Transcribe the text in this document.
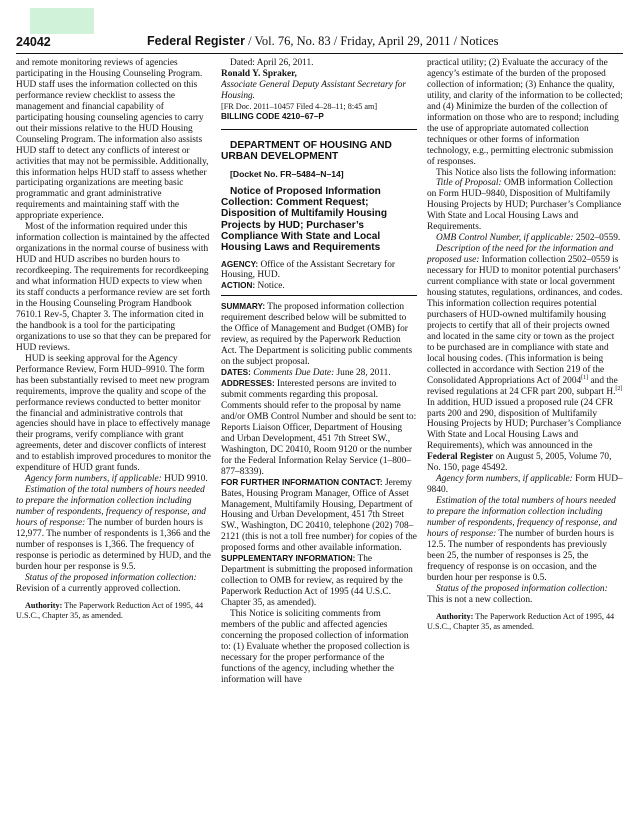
24042	Federal Register / Vol. 76, No. 83 / Friday, April 29, 2011 / Notices

and remote monitoring reviews of agencies participating in the Housing Counseling Program. HUD staff uses the information collected on this performance review checklist to assess the management and financial capability of participating housing counseling agencies to carry out their missions relative to the HUD Housing Counseling Program. The information also assists HUD staff to detect any conflicts of interest or activities that may not be permissible. Additionally, this information helps HUD staff to assess whether participating organizations are meeting basic programmatic and grant administrative requirements and maintaining staff with the appropriate experience.

Most of the information required under this information collection is maintained by the affected organizations in the normal course of business with HUD and HUD ascribes no burden hours to recordkeeping. The requirements for recordkeeping and what information HUD expects to view when its staff conducts a performance review are set forth in the Housing Counseling Program Handbook 7610.1 Rev-5, Chapter 3. The information cited in the handbook is a tool for the participating organizations to use so that they can be prepared for HUD reviews.

HUD is seeking approval for the Agency Performance Review, Form HUD–9910. The form has been substantially revised to meet new program requirements, improve the quality and scope of the performance reviews conducted to better monitor the financial and administrative controls that agencies should have in place to effectively manage their programs, verify compliance with grant agreements, deter and discover conflicts of interest and to establish improved procedures to monitor the expenditure of HUD grant funds.

Agency form numbers, if applicable: HUD 9910.

Estimation of the total numbers of hours needed to prepare the information collection including number of respondents, frequency of response, and hours of response: The number of burden hours is 12,977. The number of respondents is 1,366 and the number of responses is 1,366. The frequency of response is periodic as determined by HUD, and the burden hour per response is 9.5.

Status of the proposed information collection: Revision of a currently approved collection.

Authority: The Paperwork Reduction Act of 1995, 44 U.S.C., Chapter 35, as amended.

Dated: April 26, 2011.

Ronald Y. Spraker,

Associate General Deputy Assistant Secretary for Housing.

[FR Doc. 2011–10457 Filed 4–28–11; 8:45 am]

BILLING CODE 4210–67–P

DEPARTMENT OF HOUSING AND URBAN DEVELOPMENT

[Docket No. FR–5484–N–14]

Notice of Proposed Information Collection: Comment Request; Disposition of Multifamily Housing Projects by HUD; Purchaser’s Compliance With State and Local Housing Laws and Requirements

AGENCY: Office of the Assistant Secretary for Housing, HUD.

ACTION: Notice.

SUMMARY: The proposed information collection requirement described below will be submitted to the Office of Management and Budget (OMB) for review, as required by the Paperwork Reduction Act. The Department is soliciting public comments on the subject proposal.

DATES: Comments Due Date: June 28, 2011.

ADDRESSES: Interested persons are invited to submit comments regarding this proposal. Comments should refer to the proposal by name and/or OMB Control Number and should be sent to: Reports Liaison Officer, Department of Housing and Urban Development, 451 7th Street SW., Washington, DC 20410, Room 9120 or the number for the Federal Information Relay Service (1–800–877–8339).

FOR FURTHER INFORMATION CONTACT: Jeremy Bates, Housing Program Manager, Office of Asset Management, Multifamily Housing, Department of Housing and Urban Development, 451 7th Street SW., Washington, DC 20410, telephone (202) 708–2121 (this is not a toll free number) for copies of the proposed forms and other available information.

SUPPLEMENTARY INFORMATION: The Department is submitting the proposed information collection to OMB for review, as required by the Paperwork Reduction Act of 1995 (44 U.S.C. Chapter 35, as amended).

This Notice is soliciting comments from members of the public and affected agencies concerning the proposed collection of information to: (1) Evaluate whether the proposed collection is necessary for the proper performance of the functions of the agency, including whether the information will have

practical utility; (2) Evaluate the accuracy of the agency’s estimate of the burden of the proposed collection of information; (3) Enhance the quality, utility, and clarity of the information to be collected; and (4) Minimize the burden of the collection of information on those who are to respond; including the use of appropriate automated collection techniques or other forms of information technology, e.g., permitting electronic submission of responses.

This Notice also lists the following information:

Title of Proposal: OMB information Collection on Form HUD–9840, Disposition of Multifamily Housing Projects by HUD; Purchaser’s Compliance With State and Local Housing Laws and Requirements.

OMB Control Number, if applicable: 2502–0559.

Description of the need for the information and proposed use: Information collection 2502–0559 is necessary for HUD to monitor potential purchasers’ current compliance with state or local government housing statutes, regulations, ordinances, and codes. This information collection requires potential purchasers of HUD-owned multifamily housing projects to certify that all of their projects owned and located in the same city or town as the project to be purchased are in compliance with state and local housing codes. (This information is being collected in accordance with Section 219 of the Consolidated Appropriations Act of 2004[1] and the revised regulations at 24 CFR part 200, subpart H.[2] In addition, HUD issued a proposed rule (24 CFR parts 200 and 290, disposition of Multifamily Housing Projects by HUD; Purchaser’s Compliance With State and Local Housing Laws and Requirements), which was announced in the Federal Register on August 5, 2005, Volume 70, No. 150, page 45492.

Agency form numbers, if applicable: Form HUD–9840.

Estimation of the total numbers of hours needed to prepare the information collection including number of respondents, frequency of response, and hours of response: The number of burden hours is 12.5. The number of respondents has previously been 25, the number of responses is 25, the frequency of response is on occasion, and the burden hour per response is 0.5.

Status of the proposed information collection: This is not a new collection.

Authority: The Paperwork Reduction Act of 1995, 44 U.S.C., Chapter 35, as amended.
